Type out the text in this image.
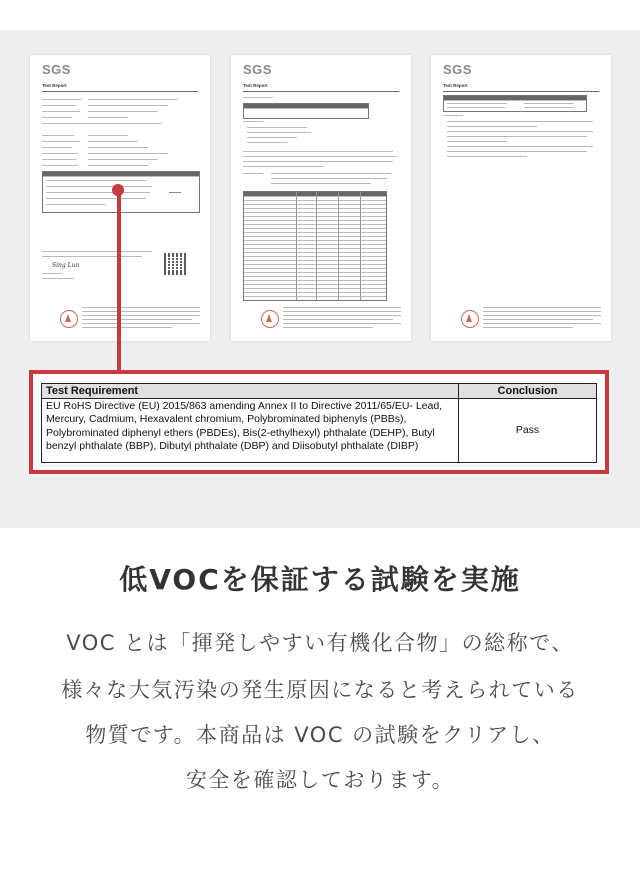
SGS
Test Report
Sing Lun
SGS
Test Report
SGS
Test Report
Test Requirement	Conclusion
EU RoHS Directive (EU) 2015/863 amending Annex II to Directive 2011/65/EU- Lead, Mercury, Cadmium, Hexavalent chromium, Polybrominated biphenyls (PBBs), Polybrominated diphenyl ethers (PBDEs), Bis(2-ethylhexyl) phthalate (DEHP), Butyl benzyl phthalate (BBP), Dibutyl phthalate (DBP) and Diisobutyl phthalate (DIBP)	Pass
低VOCを保証する試験を実施
VOC とは「揮発しやすい有機化合物」の総称で、
様々な大気汚染の発生原因になると考えられている
物質です。本商品は VOC の試験をクリアし、
安全を確認しております。
